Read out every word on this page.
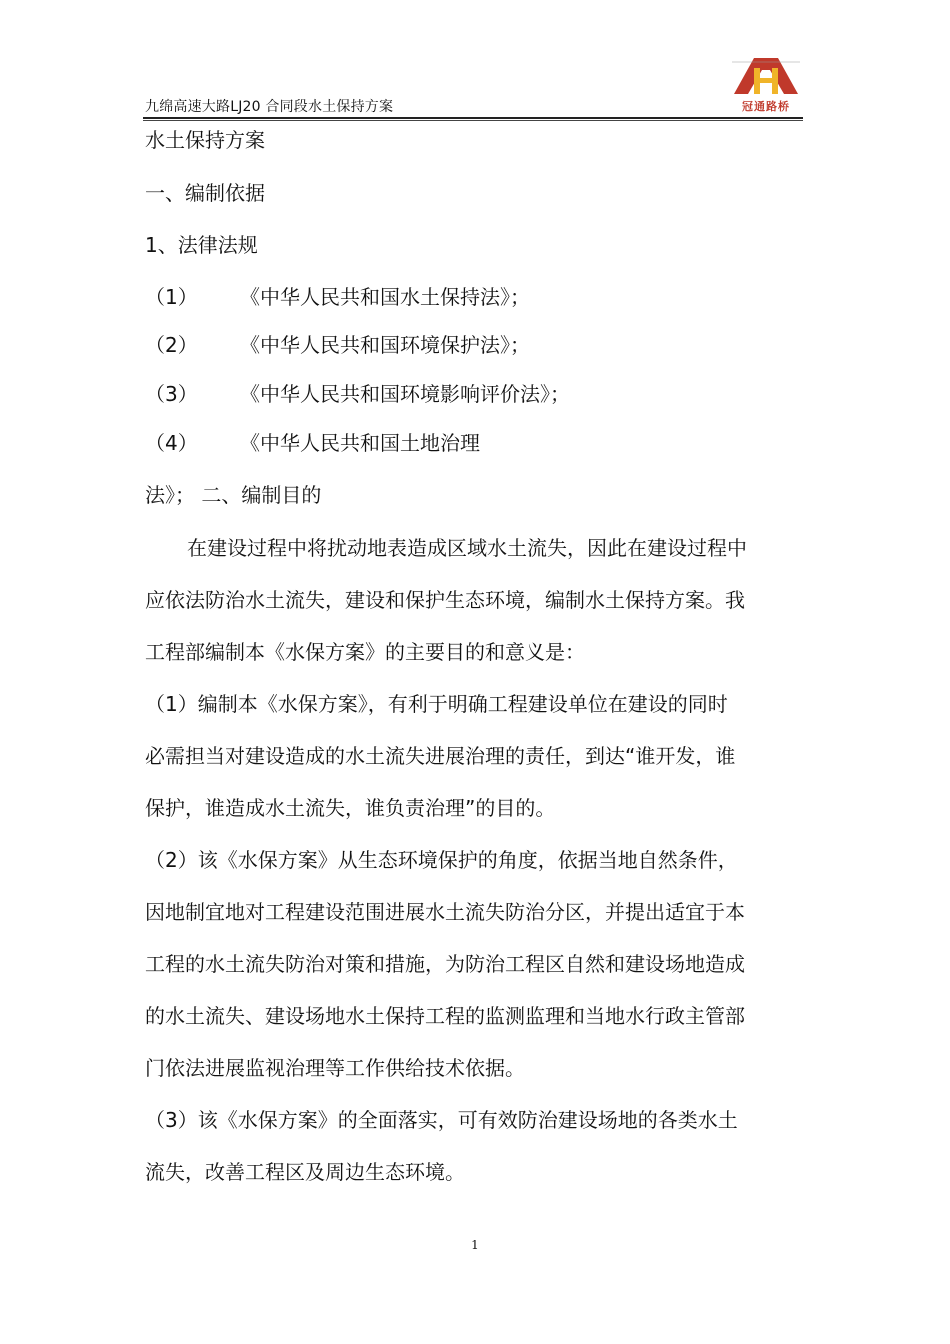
九绵高速大路LJ20 合同段水土保持方案	冠通路桥
水土保持方案
一、编制依据
1、法律法规
（1） 《中华人民共和国水土保持法》；
（2） 《中华人民共和国环境保护法》；
（3） 《中华人民共和国环境影响评价法》；
（4） 《中华人民共和国土地治理
法》； 二、编制目的
在建设过程中将扰动地表造成区域水土流失，因此在建设过程中
应依法防治水土流失，建设和保护生态环境，编制水土保持方案。我
工程部编制本《水保方案》的主要目的和意义是：
（1）编制本《水保方案》，有利于明确工程建设单位在建设的同时
必需担当对建设造成的水土流失进展治理的责任，到达“谁开发，谁
保护，谁造成水土流失，谁负责治理”的目的。
（2）该《水保方案》从生态环境保护的角度，依据当地自然条件，
因地制宜地对工程建设范围进展水土流失防治分区，并提出适宜于本
工程的水土流失防治对策和措施，为防治工程区自然和建设场地造成
的水土流失、建设场地水土保持工程的监测监理和当地水行政主管部
门依法进展监视治理等工作供给技术依据。
（3）该《水保方案》的全面落实，可有效防治建设场地的各类水土
流失，改善工程区及周边生态环境。
1
